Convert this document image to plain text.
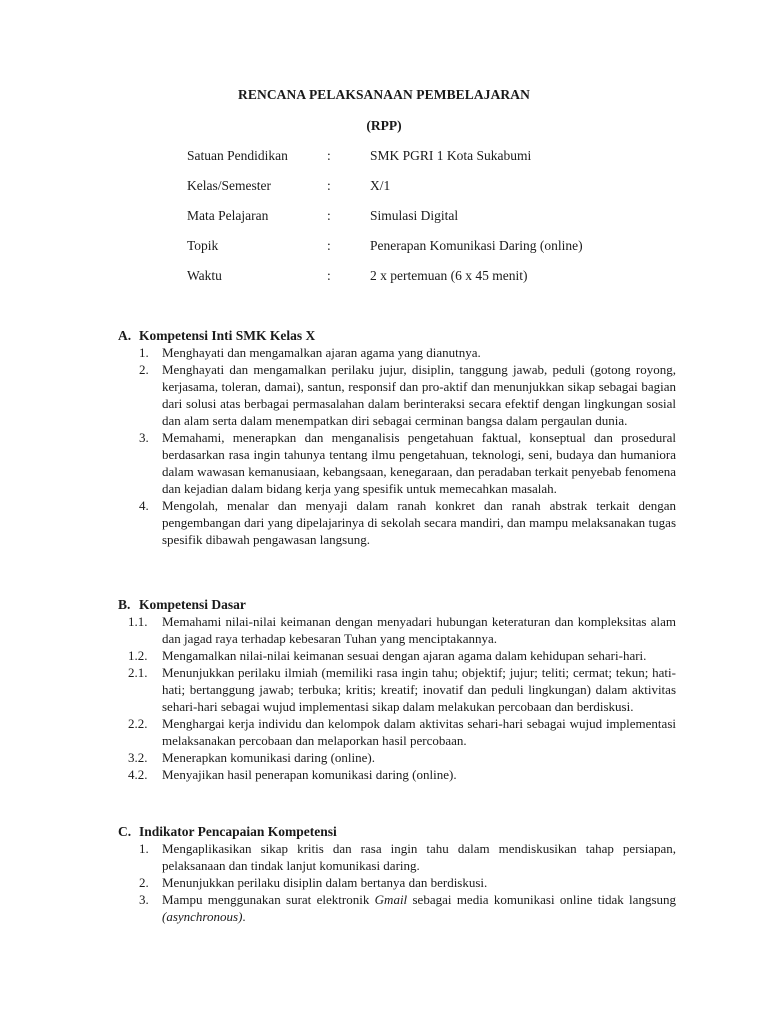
RENCANA PELAKSANAAN PEMBELAJARAN
(RPP)
Satuan Pendidikan	:	SMK PGRI 1 Kota Sukabumi
Kelas/Semester	:	X/1
Mata Pelajaran	:	Simulasi Digital
Topik	:	Penerapan Komunikasi Daring (online)
Waktu	:	2 x pertemuan (6 x 45 menit)
A. Kompetensi Inti SMK Kelas X
1.	Menghayati dan mengamalkan ajaran agama yang dianutnya.
2.	Menghayati dan mengamalkan perilaku jujur, disiplin, tanggung jawab, peduli (gotong royong, kerjasama, toleran, damai), santun, responsif dan pro-aktif dan menunjukkan sikap sebagai bagian dari solusi atas berbagai permasalahan dalam berinteraksi secara efektif dengan lingkungan sosial dan alam serta dalam menempatkan diri sebagai cerminan bangsa dalam pergaulan dunia.
3.	Memahami, menerapkan dan menganalisis pengetahuan faktual, konseptual dan prosedural berdasarkan rasa ingin tahunya tentang ilmu pengetahuan, teknologi, seni, budaya dan humaniora dalam wawasan kemanusiaan, kebangsaan, kenegaraan, dan peradaban terkait penyebab fenomena dan kejadian dalam bidang kerja yang spesifik untuk memecahkan masalah.
4.	Mengolah, menalar dan menyaji dalam ranah konkret dan ranah abstrak terkait dengan pengembangan dari yang dipelajarinya di sekolah secara mandiri, dan mampu melaksanakan tugas spesifik dibawah pengawasan langsung.
B. Kompetensi Dasar
1.1.	Memahami nilai-nilai keimanan dengan menyadari hubungan keteraturan dan kompleksitas alam dan jagad raya terhadap kebesaran Tuhan yang menciptakannya.
1.2.	Mengamalkan nilai-nilai keimanan sesuai dengan ajaran agama dalam kehidupan sehari-hari.
2.1.	Menunjukkan perilaku ilmiah (memiliki rasa ingin tahu; objektif; jujur; teliti; cermat; tekun; hati-hati; bertanggung jawab; terbuka; kritis; kreatif; inovatif dan peduli lingkungan) dalam aktivitas sehari-hari sebagai wujud implementasi sikap dalam melakukan percobaan dan berdiskusi.
2.2.	Menghargai kerja individu dan kelompok dalam aktivitas sehari-hari sebagai wujud implementasi melaksanakan percobaan dan melaporkan hasil percobaan.
3.2.	Menerapkan komunikasi daring (online).
4.2.	Menyajikan hasil penerapan komunikasi daring (online).
C. Indikator Pencapaian Kompetensi
1.	Mengaplikasikan sikap kritis dan rasa ingin tahu dalam mendiskusikan tahap persiapan, pelaksanaan dan tindak lanjut komunikasi daring.
2.	Menunjukkan perilaku disiplin dalam bertanya dan berdiskusi.
3.	Mampu menggunakan surat elektronik Gmail sebagai media komunikasi online tidak langsung (asynchronous).
